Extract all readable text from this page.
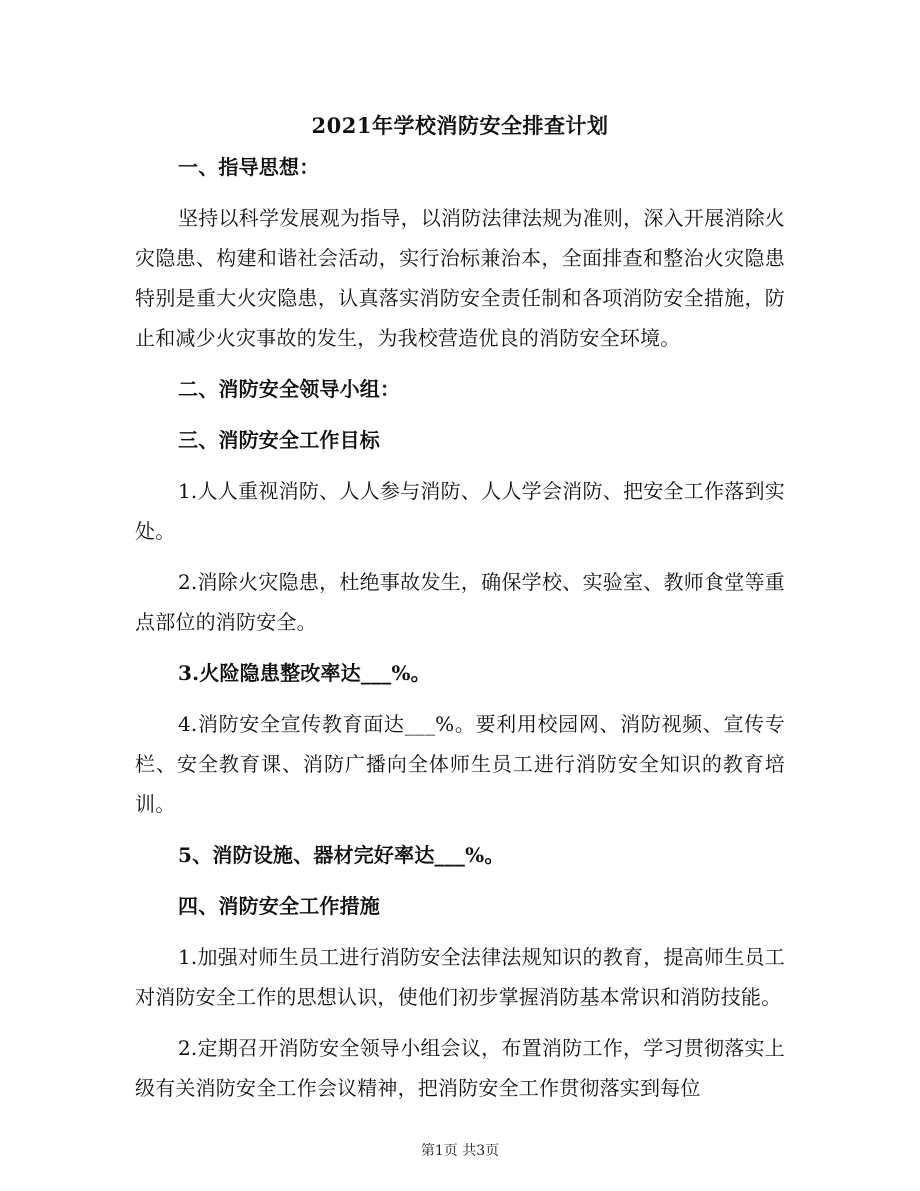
2021年学校消防安全排查计划

一、指导思想：

坚持以科学发展观为指导，以消防法律法规为准则，深入开展消除火灾隐患、构建和谐社会活动，实行治标兼治本，全面排查和整治火灾隐患特别是重大火灾隐患，认真落实消防安全责任制和各项消防安全措施，防止和减少火灾事故的发生，为我校营造优良的消防安全环境。

二、消防安全领导小组：

三、消防安全工作目标

1.人人重视消防、人人参与消防、人人学会消防、把安全工作落到实处。

2.消除火灾隐患，杜绝事故发生，确保学校、实验室、教师食堂等重点部位的消防安全。

3.火险隐患整改率达___%。

4.消防安全宣传教育面达___%。要利用校园网、消防视频、宣传专栏、安全教育课、消防广播向全体师生员工进行消防安全知识的教育培训。

5、消防设施、器材完好率达___%。

四、消防安全工作措施

1.加强对师生员工进行消防安全法律法规知识的教育，提高师生员工对消防安全工作的思想认识，使他们初步掌握消防基本常识和消防技能。

2.定期召开消防安全领导小组会议，布置消防工作，学习贯彻落实上级有关消防安全工作会议精神，把消防安全工作贯彻落实到每位

第1页 共3页
